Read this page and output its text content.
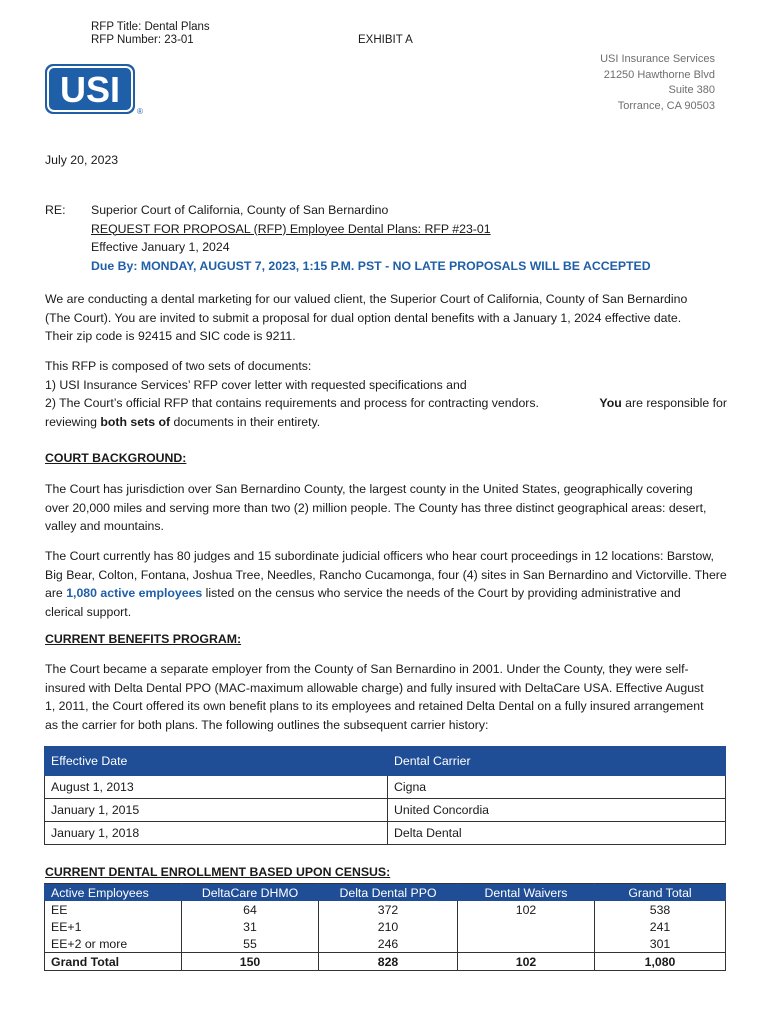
RFP Title: Dental Plans
RFP Number: 23-01	EXHIBIT A
USI
®
USI Insurance Services
21250 Hawthorne Blvd
Suite 380
Torrance, CA 90503
July 20, 2023
RE: Superior Court of California, County of San Bernardino
REQUEST FOR PROPOSAL (RFP) Employee Dental Plans: RFP #23-01
Effective January 1, 2024
Due By: MONDAY, AUGUST 7, 2023, 1:15 P.M. PST - NO LATE PROPOSALS WILL BE ACCEPTED
We are conducting a dental marketing for our valued client, the Superior Court of California, County of San Bernardino
(The Court). You are invited to submit a proposal for dual option dental benefits with a January 1, 2024 effective date.
Their zip code is 92415 and SIC code is 9211.
This RFP is composed of two sets of documents:
1) USI Insurance Services’ RFP cover letter with requested specifications and
2) The Court’s official RFP that contains requirements and process for contracting vendors.	You are responsible for
reviewing both sets of documents in their entirety.
COURT BACKGROUND:
The Court has jurisdiction over San Bernardino County, the largest county in the United States, geographically covering
over 20,000 miles and serving more than two (2) million people. The County has three distinct geographical areas: desert,
valley and mountains.
The Court currently has 80 judges and 15 subordinate judicial officers who hear court proceedings in 12 locations: Barstow,
Big Bear, Colton, Fontana, Joshua Tree, Needles, Rancho Cucamonga, four (4) sites in San Bernardino and Victorville. There
are 1,080 active employees listed on the census who service the needs of the Court by providing administrative and
clerical support.
CURRENT BENEFITS PROGRAM:
The Court became a separate employer from the County of San Bernardino in 2001. Under the County, they were self-
insured with Delta Dental PPO (MAC-maximum allowable charge) and fully insured with DeltaCare USA. Effective August
1, 2011, the Court offered its own benefit plans to its employees and retained Delta Dental on a fully insured arrangement
as the carrier for both plans. The following outlines the subsequent carrier history:
Effective Date	Dental Carrier
August 1, 2013	Cigna
January 1, 2015	United Concordia
January 1, 2018	Delta Dental
CURRENT DENTAL ENROLLMENT BASED UPON CENSUS:
Active Employees	DeltaCare DHMO	Delta Dental PPO	Dental Waivers	Grand Total
EE	64	372	102	538
EE+1	31	210		241
EE+2 or more	55	246		301
Grand Total	150	828	102	1,080
